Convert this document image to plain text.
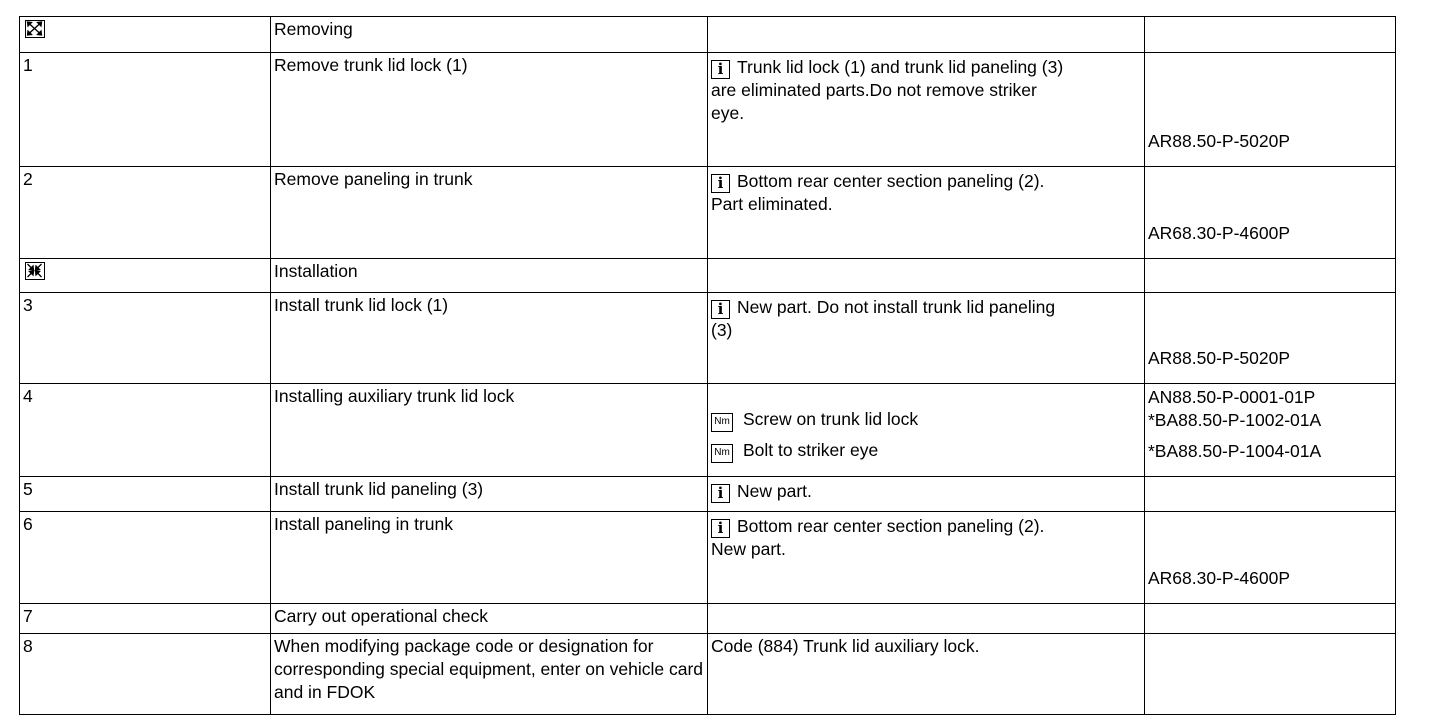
	Removing		
1	Remove trunk lid lock (1)	i Trunk lid lock (1) and trunk lid paneling (3)
are eliminated parts.Do not remove striker
eye.	AR88.50-P-5020P

2	Remove paneling in trunk	i Bottom rear center section paneling (2).
Part eliminated.	AR68.30-P-4600P

	Installation		
3	Install trunk lid lock (1)	i New part. Do not install trunk lid paneling
(3)	AR88.50-P-5020P

4	Installing auxiliary trunk lid lock	Nm Screw on trunk lid lock
Nm Bolt to striker eye	AN88.50-P-0001-01P
*BA88.50-P-1002-01A
*BA88.50-P-1004-01A

5	Install trunk lid paneling (3)	i New part.	

6	Install paneling in trunk	i Bottom rear center section paneling (2).
New part.	AR68.30-P-4600P

7	Carry out operational check		
8	When modifying package code or designation for corresponding special equipment, enter on vehicle card and in FDOK	Code (884) Trunk lid auxiliary lock.	
